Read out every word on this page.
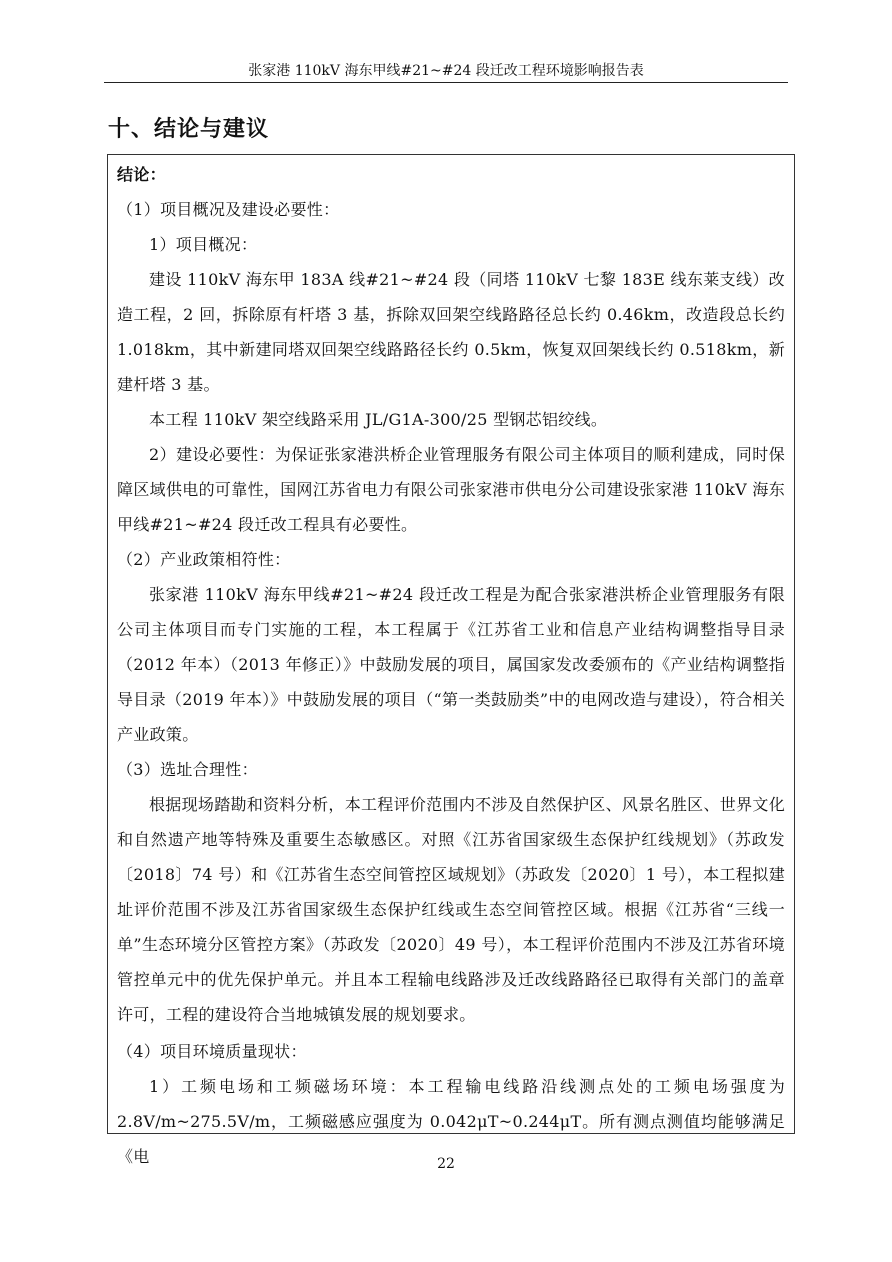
张家港 110kV 海东甲线#21~#24 段迁改工程环境影响报告表
十、结论与建议

结论：

（1）项目概况及建设必要性：

1）项目概况：

建设 110kV 海东甲 183A 线#21~#24 段（同塔 110kV 七黎 183E 线东莱支线）改造工程，2 回，拆除原有杆塔 3 基，拆除双回架空线路路径总长约 0.46km，改造段总长约 1.018km，其中新建同塔双回架空线路路径长约 0.5km，恢复双回架线长约 0.518km，新建杆塔 3 基。

本工程 110kV 架空线路采用 JL/G1A-300/25 型钢芯铝绞线。

2）建设必要性：为保证张家港洪桥企业管理服务有限公司主体项目的顺利建成，同时保障区域供电的可靠性，国网江苏省电力有限公司张家港市供电分公司建设张家港 110kV 海东甲线#21~#24 段迁改工程具有必要性。

（2）产业政策相符性：

张家港 110kV 海东甲线#21~#24 段迁改工程是为配合张家港洪桥企业管理服务有限公司主体项目而专门实施的工程，本工程属于《江苏省工业和信息产业结构调整指导目录（2012 年本）（2013 年修正）》中鼓励发展的项目，属国家发改委颁布的《产业结构调整指导目录（2019 年本）》中鼓励发展的项目（“第一类鼓励类”中的电网改造与建设），符合相关产业政策。

（3）选址合理性：

根据现场踏勘和资料分析，本工程评价范围内不涉及自然保护区、风景名胜区、世界文化和自然遗产地等特殊及重要生态敏感区。对照《江苏省国家级生态保护红线规划》（苏政发〔2018〕74 号）和《江苏省生态空间管控区域规划》（苏政发〔2020〕1 号），本工程拟建址评价范围不涉及江苏省国家级生态保护红线或生态空间管控区域。根据《江苏省“三线一单”生态环境分区管控方案》（苏政发〔2020〕49 号），本工程评价范围内不涉及江苏省环境管控单元中的优先保护单元。并且本工程输电线路涉及迁改线路路径已取得有关部门的盖章许可，工程的建设符合当地城镇发展的规划要求。

（4）项目环境质量现状：

1）工频电场和工频磁场环境：本工程输电线路沿线测点处的工频电场强度为 2.8V/m~275.5V/m，工频磁感应强度为 0.042μT~0.244μT。所有测点测值均能够满足《电	22
